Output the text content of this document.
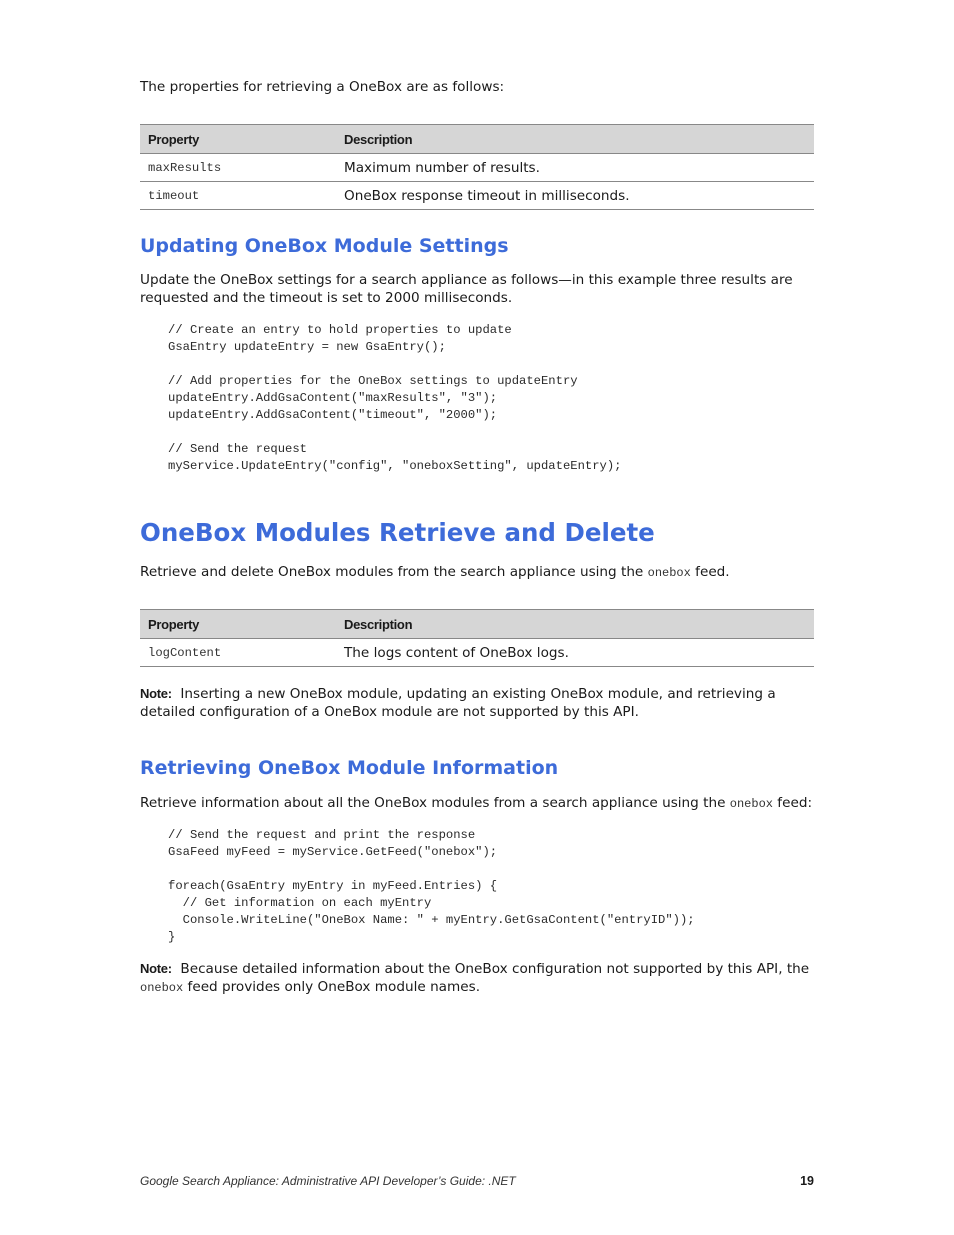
The properties for retrieving a OneBox are as follows:
Property	Description
maxResults	Maximum number of results.
timeout	OneBox response timeout in milliseconds.
Updating OneBox Module Settings
Update the OneBox settings for a search appliance as follows—in this example three results are requested and the timeout is set to 2000 milliseconds.
// Create an entry to hold properties to update
GsaEntry updateEntry = new GsaEntry();

// Add properties for the OneBox settings to updateEntry
updateEntry.AddGsaContent("maxResults", "3");
updateEntry.AddGsaContent("timeout", "2000");

// Send the request
myService.UpdateEntry("config", "oneboxSetting", updateEntry);
OneBox Modules Retrieve and Delete
Retrieve and delete OneBox modules from the search appliance using the onebox feed.
Property	Description
logContent	The logs content of OneBox logs.
Note: Inserting a new OneBox module, updating an existing OneBox module, and retrieving a detailed configuration of a OneBox module are not supported by this API.
Retrieving OneBox Module Information
Retrieve information about all the OneBox modules from a search appliance using the onebox feed:
// Send the request and print the response
GsaFeed myFeed = myService.GetFeed("onebox");

foreach(GsaEntry myEntry in myFeed.Entries) {
// Get information on each myEntry
Console.WriteLine("OneBox Name: " + myEntry.GetGsaContent("entryID"));
}
Note: Because detailed information about the OneBox configuration not supported by this API, the
onebox feed provides only OneBox module names.
Google Search Appliance: Administrative API Developer’s Guide: .NET	19
